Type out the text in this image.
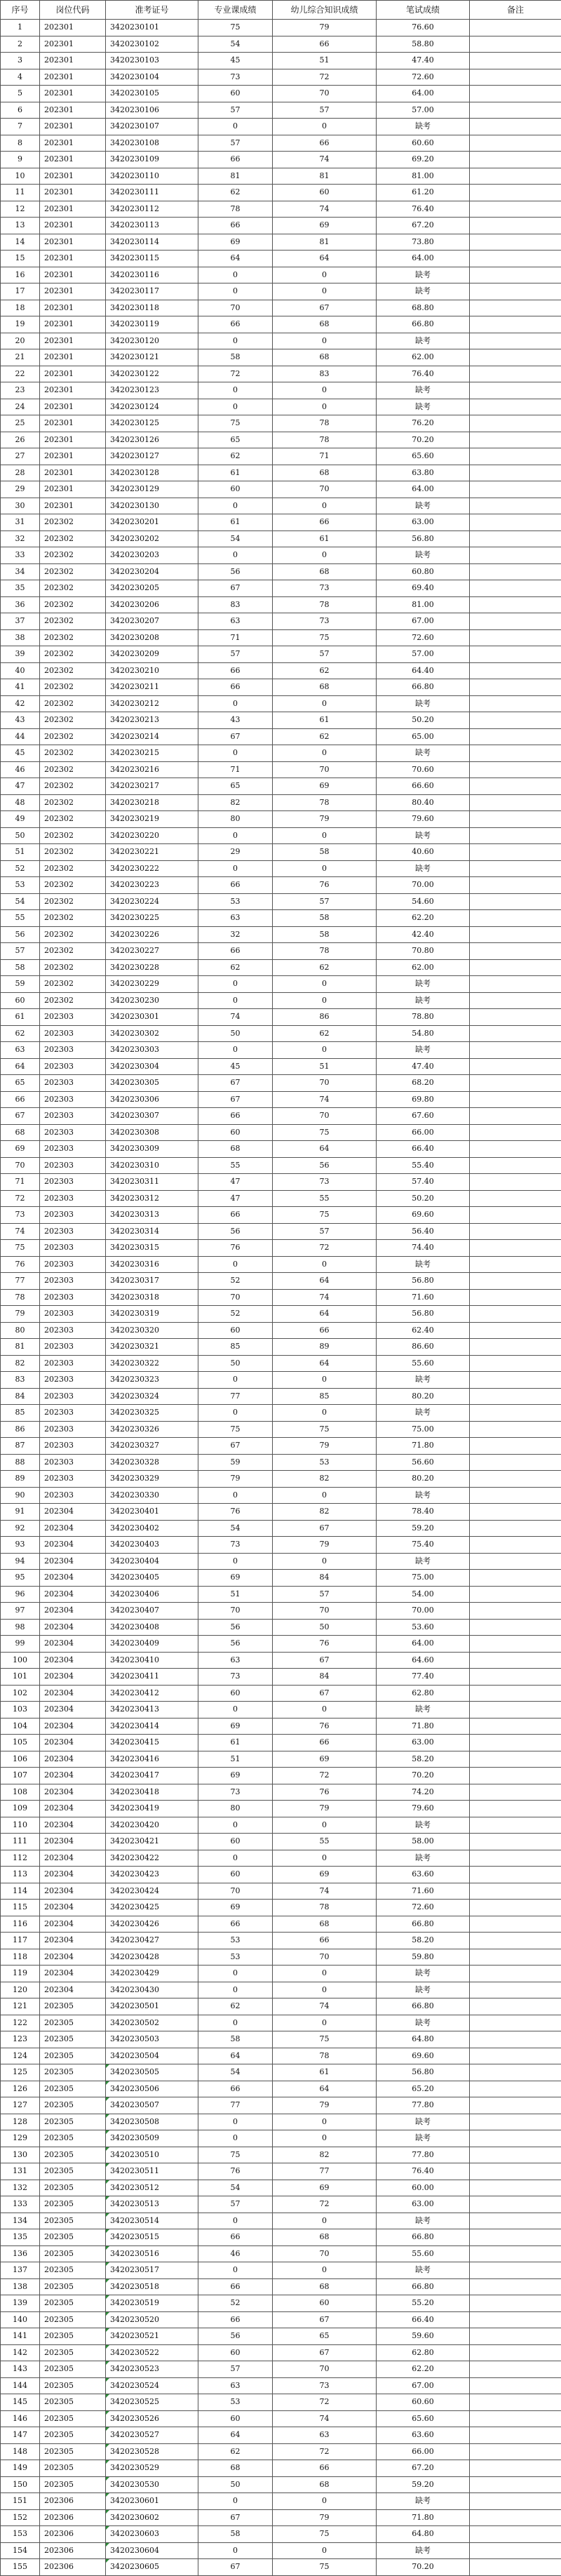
序号	岗位代码	准考证号	专业课成绩	幼儿综合知识成绩	笔试成绩	备注
1	202301	3420230101	75	79	76.60	
2	202301	3420230102	54	66	58.80	
3	202301	3420230103	45	51	47.40	
4	202301	3420230104	73	72	72.60	
5	202301	3420230105	60	70	64.00	
6	202301	3420230106	57	57	57.00	
7	202301	3420230107	0	0	缺考	
8	202301	3420230108	57	66	60.60	
9	202301	3420230109	66	74	69.20	
10	202301	3420230110	81	81	81.00	
11	202301	3420230111	62	60	61.20	
12	202301	3420230112	78	74	76.40	
13	202301	3420230113	66	69	67.20	
14	202301	3420230114	69	81	73.80	
15	202301	3420230115	64	64	64.00	
16	202301	3420230116	0	0	缺考	
17	202301	3420230117	0	0	缺考	
18	202301	3420230118	70	67	68.80	
19	202301	3420230119	66	68	66.80	
20	202301	3420230120	0	0	缺考	
21	202301	3420230121	58	68	62.00	
22	202301	3420230122	72	83	76.40	
23	202301	3420230123	0	0	缺考	
24	202301	3420230124	0	0	缺考	
25	202301	3420230125	75	78	76.20	
26	202301	3420230126	65	78	70.20	
27	202301	3420230127	62	71	65.60	
28	202301	3420230128	61	68	63.80	
29	202301	3420230129	60	70	64.00	
30	202301	3420230130	0	0	缺考	
31	202302	3420230201	61	66	63.00	
32	202302	3420230202	54	61	56.80	
33	202302	3420230203	0	0	缺考	
34	202302	3420230204	56	68	60.80	
35	202302	3420230205	67	73	69.40	
36	202302	3420230206	83	78	81.00	
37	202302	3420230207	63	73	67.00	
38	202302	3420230208	71	75	72.60	
39	202302	3420230209	57	57	57.00	
40	202302	3420230210	66	62	64.40	
41	202302	3420230211	66	68	66.80	
42	202302	3420230212	0	0	缺考	
43	202302	3420230213	43	61	50.20	
44	202302	3420230214	67	62	65.00	
45	202302	3420230215	0	0	缺考	
46	202302	3420230216	71	70	70.60	
47	202302	3420230217	65	69	66.60	
48	202302	3420230218	82	78	80.40	
49	202302	3420230219	80	79	79.60	
50	202302	3420230220	0	0	缺考	
51	202302	3420230221	29	58	40.60	
52	202302	3420230222	0	0	缺考	
53	202302	3420230223	66	76	70.00	
54	202302	3420230224	53	57	54.60	
55	202302	3420230225	63	58	62.20	
56	202302	3420230226	32	58	42.40	
57	202302	3420230227	66	78	70.80	
58	202302	3420230228	62	62	62.00	
59	202302	3420230229	0	0	缺考	
60	202302	3420230230	0	0	缺考	
61	202303	3420230301	74	86	78.80	
62	202303	3420230302	50	62	54.80	
63	202303	3420230303	0	0	缺考	
64	202303	3420230304	45	51	47.40	
65	202303	3420230305	67	70	68.20	
66	202303	3420230306	67	74	69.80	
67	202303	3420230307	66	70	67.60	
68	202303	3420230308	60	75	66.00	
69	202303	3420230309	68	64	66.40	
70	202303	3420230310	55	56	55.40	
71	202303	3420230311	47	73	57.40	
72	202303	3420230312	47	55	50.20	
73	202303	3420230313	66	75	69.60	
74	202303	3420230314	56	57	56.40	
75	202303	3420230315	76	72	74.40	
76	202303	3420230316	0	0	缺考	
77	202303	3420230317	52	64	56.80	
78	202303	3420230318	70	74	71.60	
79	202303	3420230319	52	64	56.80	
80	202303	3420230320	60	66	62.40	
81	202303	3420230321	85	89	86.60	
82	202303	3420230322	50	64	55.60	
83	202303	3420230323	0	0	缺考	
84	202303	3420230324	77	85	80.20	
85	202303	3420230325	0	0	缺考	
86	202303	3420230326	75	75	75.00	
87	202303	3420230327	67	79	71.80	
88	202303	3420230328	59	53	56.60	
89	202303	3420230329	79	82	80.20	
90	202303	3420230330	0	0	缺考	
91	202304	3420230401	76	82	78.40	
92	202304	3420230402	54	67	59.20	
93	202304	3420230403	73	79	75.40	
94	202304	3420230404	0	0	缺考	
95	202304	3420230405	69	84	75.00	
96	202304	3420230406	51	57	54.00	
97	202304	3420230407	70	70	70.00	
98	202304	3420230408	56	50	53.60	
99	202304	3420230409	56	76	64.00	
100	202304	3420230410	63	67	64.60	
101	202304	3420230411	73	84	77.40	
102	202304	3420230412	60	67	62.80	
103	202304	3420230413	0	0	缺考	
104	202304	3420230414	69	76	71.80	
105	202304	3420230415	61	66	63.00	
106	202304	3420230416	51	69	58.20	
107	202304	3420230417	69	72	70.20	
108	202304	3420230418	73	76	74.20	
109	202304	3420230419	80	79	79.60	
110	202304	3420230420	0	0	缺考	
111	202304	3420230421	60	55	58.00	
112	202304	3420230422	0	0	缺考	
113	202304	3420230423	60	69	63.60	
114	202304	3420230424	70	74	71.60	
115	202304	3420230425	69	78	72.60	
116	202304	3420230426	66	68	66.80	
117	202304	3420230427	53	66	58.20	
118	202304	3420230428	53	70	59.80	
119	202304	3420230429	0	0	缺考	
120	202304	3420230430	0	0	缺考	
121	202305	3420230501	62	74	66.80	
122	202305	3420230502	0	0	缺考	
123	202305	3420230503	58	75	64.80	
124	202305	3420230504	64	78	69.60	
125	202305	3420230505	54	61	56.80	
126	202305	3420230506	66	64	65.20	
127	202305	3420230507	77	79	77.80	
128	202305	3420230508	0	0	缺考	
129	202305	3420230509	0	0	缺考	
130	202305	3420230510	75	82	77.80	
131	202305	3420230511	76	77	76.40	
132	202305	3420230512	54	69	60.00	
133	202305	3420230513	57	72	63.00	
134	202305	3420230514	0	0	缺考	
135	202305	3420230515	66	68	66.80	
136	202305	3420230516	46	70	55.60	
137	202305	3420230517	0	0	缺考	
138	202305	3420230518	66	68	66.80	
139	202305	3420230519	52	60	55.20	
140	202305	3420230520	66	67	66.40	
141	202305	3420230521	56	65	59.60	
142	202305	3420230522	60	67	62.80	
143	202305	3420230523	57	70	62.20	
144	202305	3420230524	63	73	67.00	
145	202305	3420230525	53	72	60.60	
146	202305	3420230526	60	74	65.60	
147	202305	3420230527	64	63	63.60	
148	202305	3420230528	62	72	66.00	
149	202305	3420230529	68	66	67.20	
150	202305	3420230530	50	68	59.20	
151	202306	3420230601	0	0	缺考	
152	202306	3420230602	67	79	71.80	
153	202306	3420230603	58	75	64.80	
154	202306	3420230604	0	0	缺考	
155	202306	3420230605	67	75	70.20	
